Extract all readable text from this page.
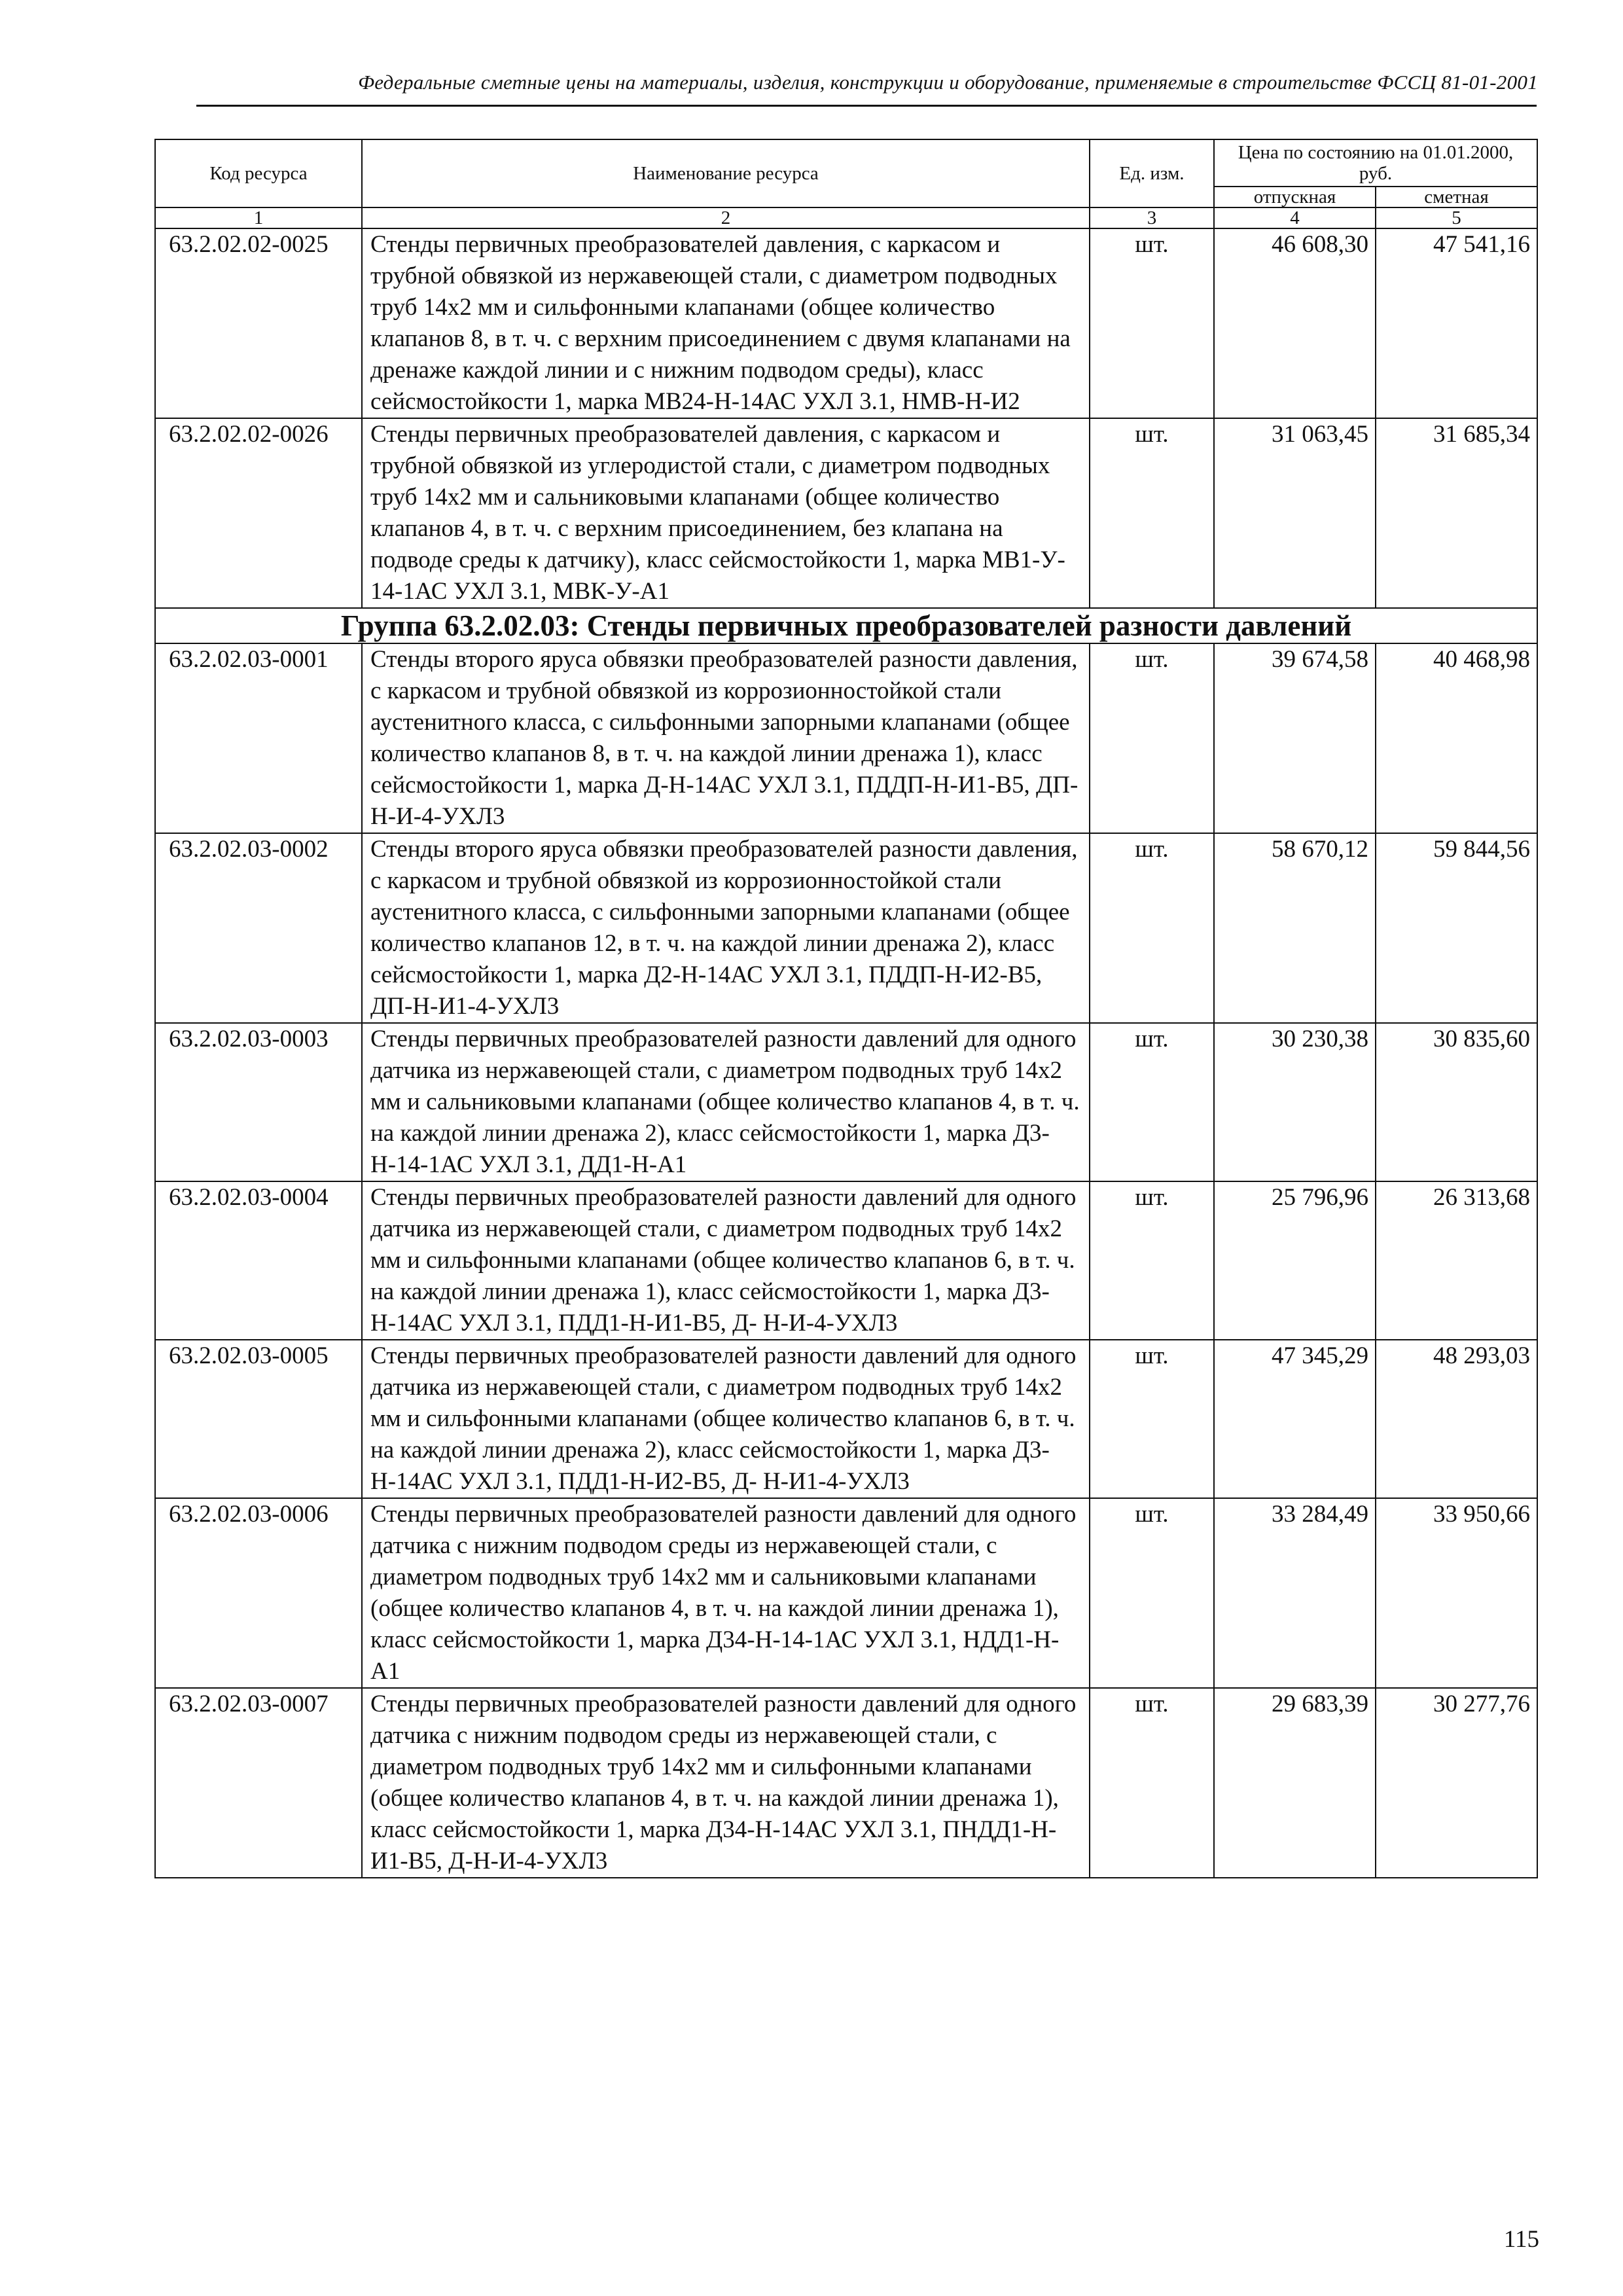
Федеральные сметные цены на материалы, изделия, конструкции и оборудование, применяемые в строительстве ФССЦ 81-01-2001
Код ресурса	Наименование ресурса	Ед. изм.	Цена по состоянию на 01.01.2000, руб.	
			отпускная	сметная
1	2	3	4	5
63.2.02.02-0025	Стенды первичных преобразователей давления, с каркасом и трубной обвязкой из нержавеющей стали, с диаметром подводных труб 14х2 мм и сильфонными клапанами (общее количество клапанов 8, в т. ч. с верхним присоединением с двумя клапанами на дренаже каждой линии и с нижним подводом среды), класс сейсмостойкости 1, марка МВ24-Н-14АС УХЛ 3.1, НМВ-Н-И2	шт.	46 608,30	47 541,16
63.2.02.02-0026	Стенды первичных преобразователей давления, с каркасом и трубной обвязкой из углеродистой стали, с диаметром подводных труб 14х2 мм и сальниковыми клапанами (общее количество клапанов 4, в т. ч. с верхним присоединением, без клапана на подводе среды к датчику), класс сейсмостойкости 1, марка МВ1-У- 14-1АС УХЛ 3.1, МВК-У-А1	шт.	31 063,45	31 685,34
Группа 63.2.02.03: Стенды первичных преобразователей разности давлений				
63.2.02.03-0001	Стенды второго яруса обвязки преобразователей разности давления, с каркасом и трубной обвязкой из коррозионностойкой стали аустенитного класса, с сильфонными запорными клапанами (общее количество клапанов 8, в т. ч. на каждой линии дренажа 1), класс сейсмостойкости 1, марка Д-Н-14АС УХЛ 3.1, ПДДП-Н-И1-В5, ДП-Н-И-4-УХЛ3	шт.	39 674,58	40 468,98
63.2.02.03-0002	Стенды второго яруса обвязки преобразователей разности давления, с каркасом и трубной обвязкой из коррозионностойкой стали аустенитного класса, с сильфонными запорными клапанами (общее количество клапанов 12, в т. ч. на каждой линии дренажа 2), класс сейсмостойкости 1, марка Д2-Н-14АС УХЛ 3.1, ПДДП-Н-И2-В5, ДП-Н-И1-4-УХЛ3	шт.	58 670,12	59 844,56
63.2.02.03-0003	Стенды первичных преобразователей разности давлений для одного датчика из нержавеющей стали, с диаметром подводных труб 14х2 мм и сальниковыми клапанами (общее количество клапанов 4, в т. ч. на каждой линии дренажа 2), класс сейсмостойкости 1, марка Д3-Н-14-1АС УХЛ 3.1, ДД1-Н-А1	шт.	30 230,38	30 835,60
63.2.02.03-0004	Стенды первичных преобразователей разности давлений для одного датчика из нержавеющей стали, с диаметром подводных труб 14х2 мм и сильфонными клапанами (общее количество клапанов 6, в т. ч. на каждой линии дренажа 1), класс сейсмостойкости 1, марка Д3-Н-14АС УХЛ 3.1, ПДД1-Н-И1-В5, Д- Н-И-4-УХЛ3	шт.	25 796,96	26 313,68
63.2.02.03-0005	Стенды первичных преобразователей разности давлений для одного датчика из нержавеющей стали, с диаметром подводных труб 14х2 мм и сильфонными клапанами (общее количество клапанов 6, в т. ч. на каждой линии дренажа 2), класс сейсмостойкости 1, марка Д3-Н-14АС УХЛ 3.1, ПДД1-Н-И2-В5, Д- Н-И1-4-УХЛ3	шт.	47 345,29	48 293,03
63.2.02.03-0006	Стенды первичных преобразователей разности давлений для одного датчика с нижним подводом среды из нержавеющей стали, с диаметром подводных труб 14х2 мм и сальниковыми клапанами (общее количество клапанов 4, в т. ч. на каждой линии дренажа 1), класс сейсмостойкости 1, марка Д34-Н-14-1АС УХЛ 3.1, НДД1-Н- А1	шт.	33 284,49	33 950,66
63.2.02.03-0007	Стенды первичных преобразователей разности давлений для одного датчика с нижним подводом среды из нержавеющей стали, с диаметром подводных труб 14х2 мм и сильфонными клапанами (общее количество клапанов 4, в т. ч. на каждой линии дренажа 1), класс сейсмостойкости 1, марка Д34-Н-14АС УХЛ 3.1, ПНДД1-Н- И1-В5, Д-Н-И-4-УХЛ3	шт.	29 683,39	30 277,76
115
